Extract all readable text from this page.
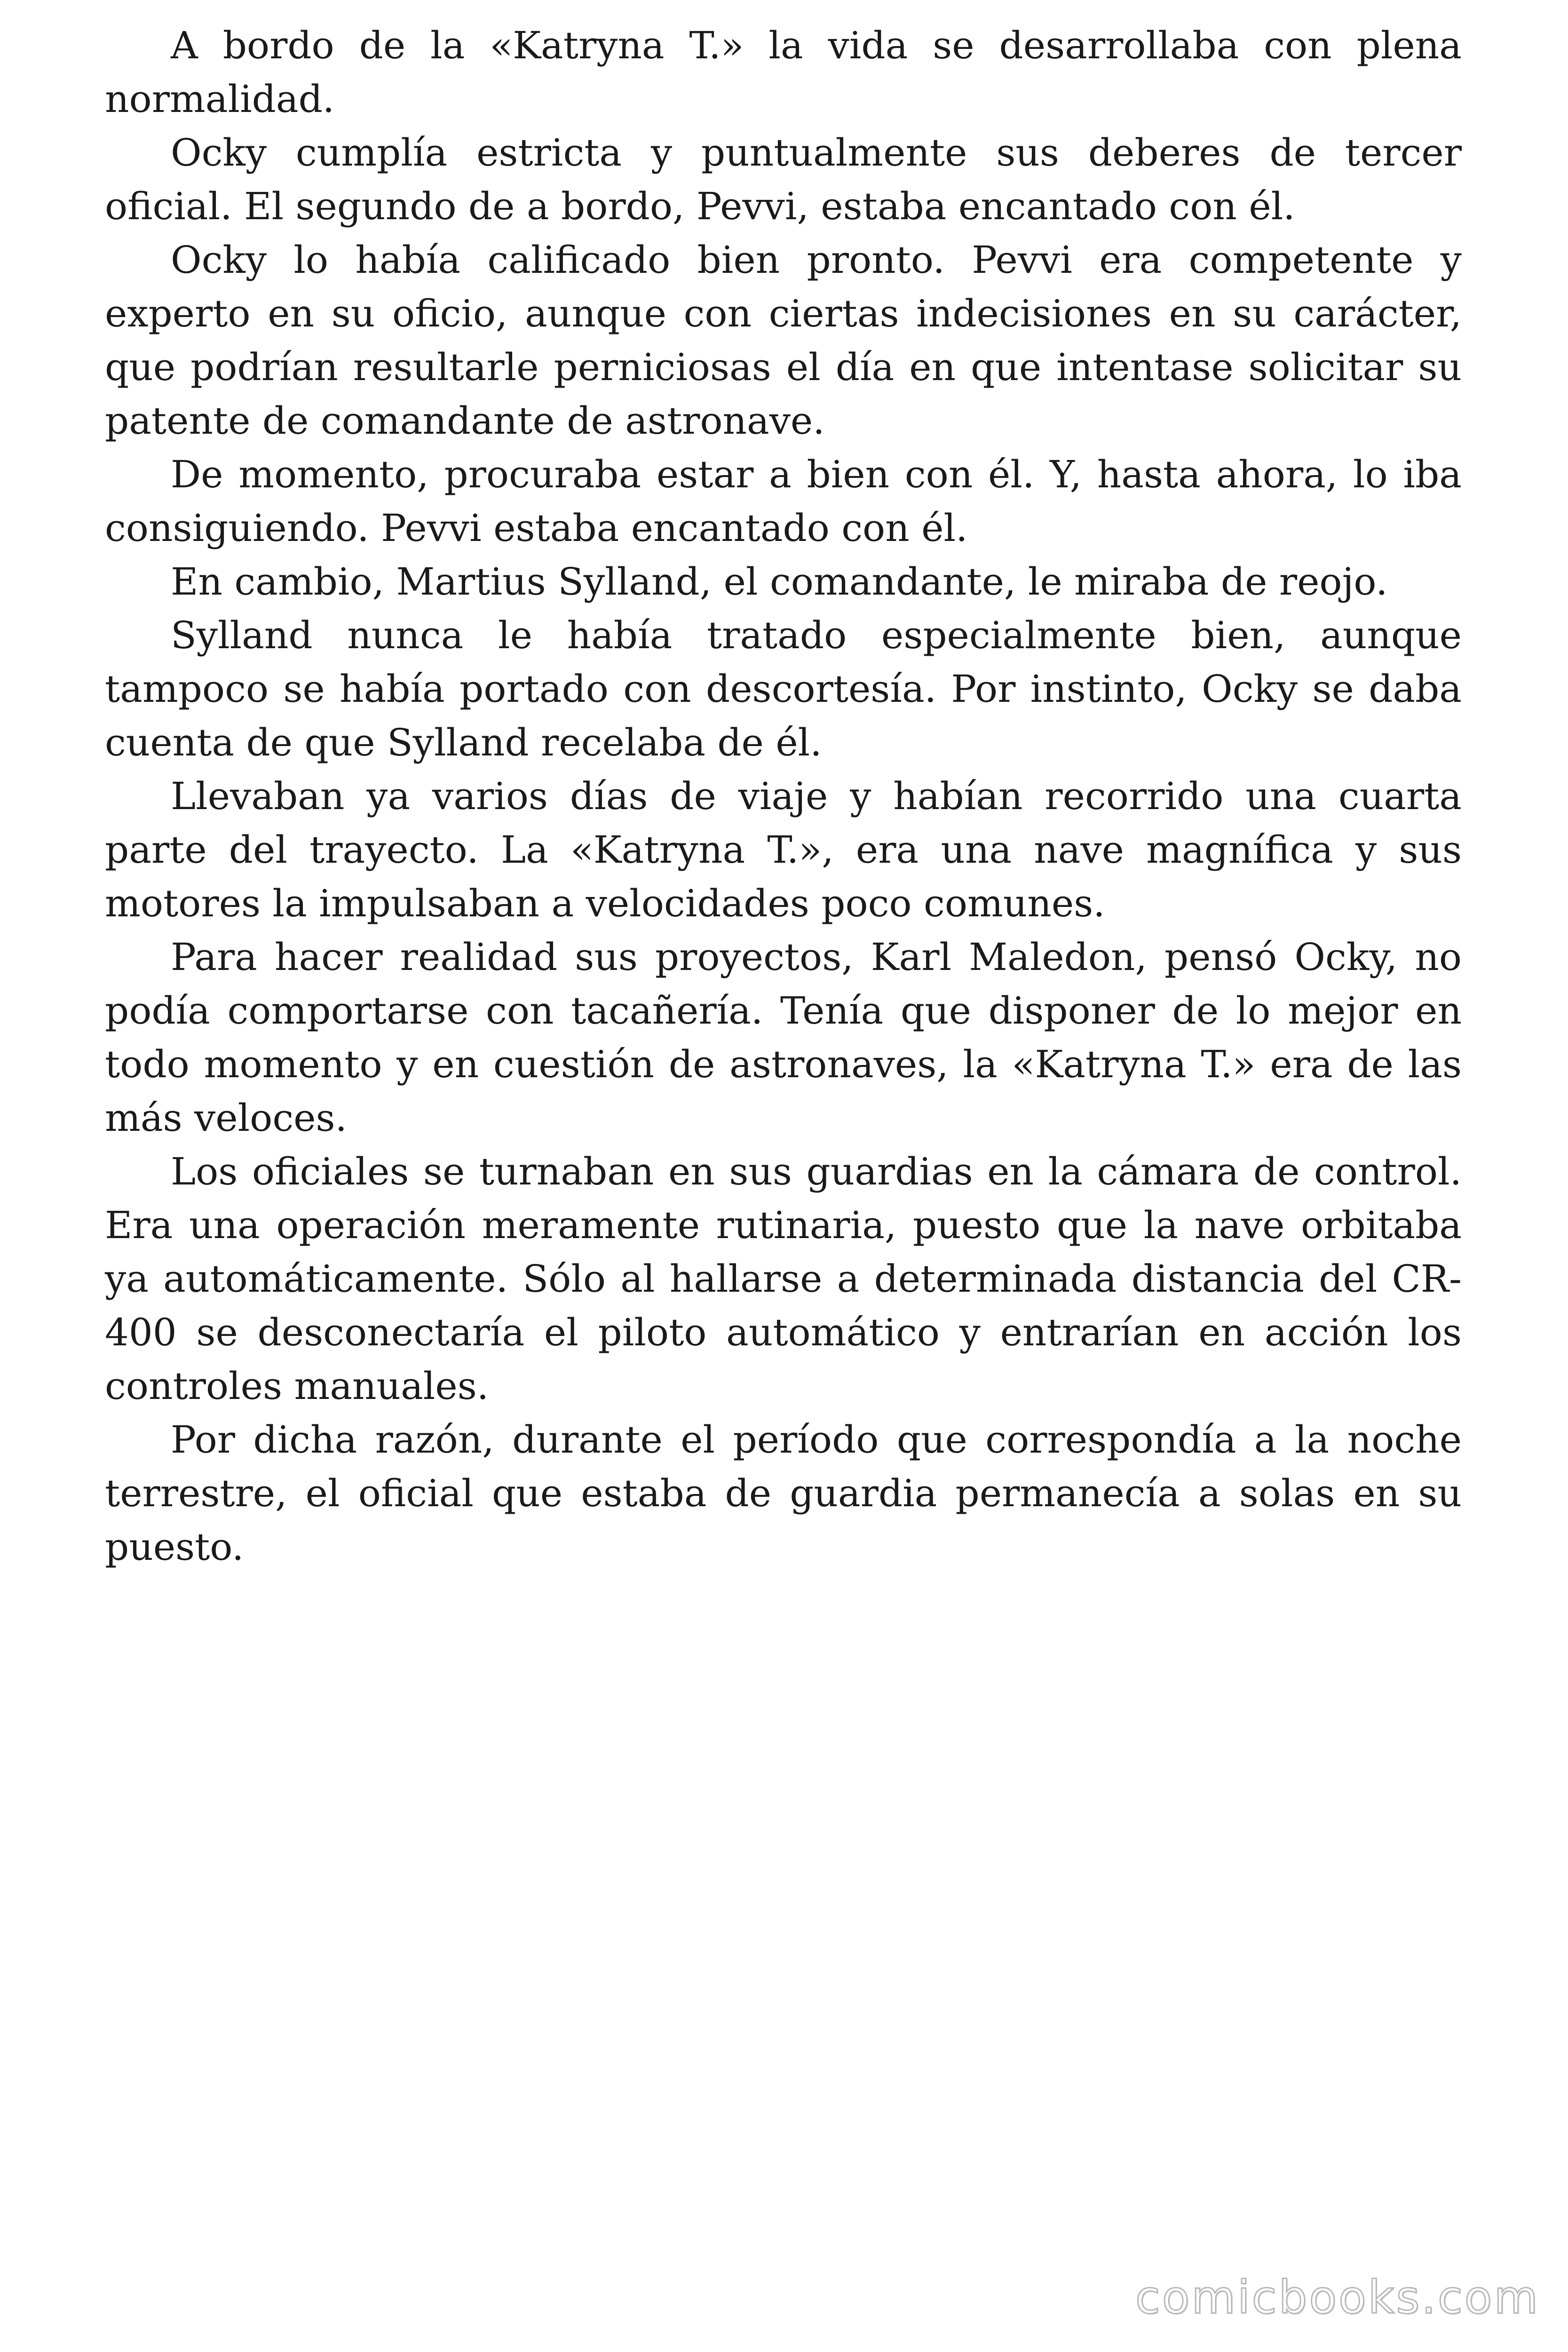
A bordo de la «Katryna T.» la vida se desarrollaba con plena normalidad.

Ocky cumplía estricta y puntualmente sus deberes de tercer oficial. El segundo de a bordo, Pevvi, estaba encantado con él.

Ocky lo había calificado bien pronto. Pevvi era competente y experto en su oficio, aunque con ciertas indecisiones en su carácter, que podrían resultarle perniciosas el día en que intentase solicitar su patente de comandante de astronave.

De momento, procuraba estar a bien con él. Y, hasta ahora, lo iba consiguiendo. Pevvi estaba encantado con él.

En cambio, Martius Sylland, el comandante, le miraba de reojo.

Sylland nunca le había tratado especialmente bien, aunque tampoco se había portado con descortesía. Por instinto, Ocky se daba cuenta de que Sylland recelaba de él.

Llevaban ya varios días de viaje y habían recorrido una cuarta parte del trayecto. La «Katryna T.», era una nave magnífica y sus motores la impulsaban a velocidades poco comunes.

Para hacer realidad sus proyectos, Karl Maledon, pensó Ocky, no podía comportarse con tacañería. Tenía que disponer de lo mejor en todo momento y en cuestión de astronaves, la «Katryna T.» era de las más veloces.

Los oficiales se turnaban en sus guardias en la cámara de control. Era una operación meramente rutinaria, puesto que la nave orbitaba ya automáticamente. Sólo al hallarse a determinada distancia del CR-400 se desconectaría el piloto automático y entrarían en acción los controles manuales.

Por dicha razón, durante el período que correspondía a la noche terrestre, el oficial que estaba de guardia permanecía a solas en su puesto.

comicbooks.com
